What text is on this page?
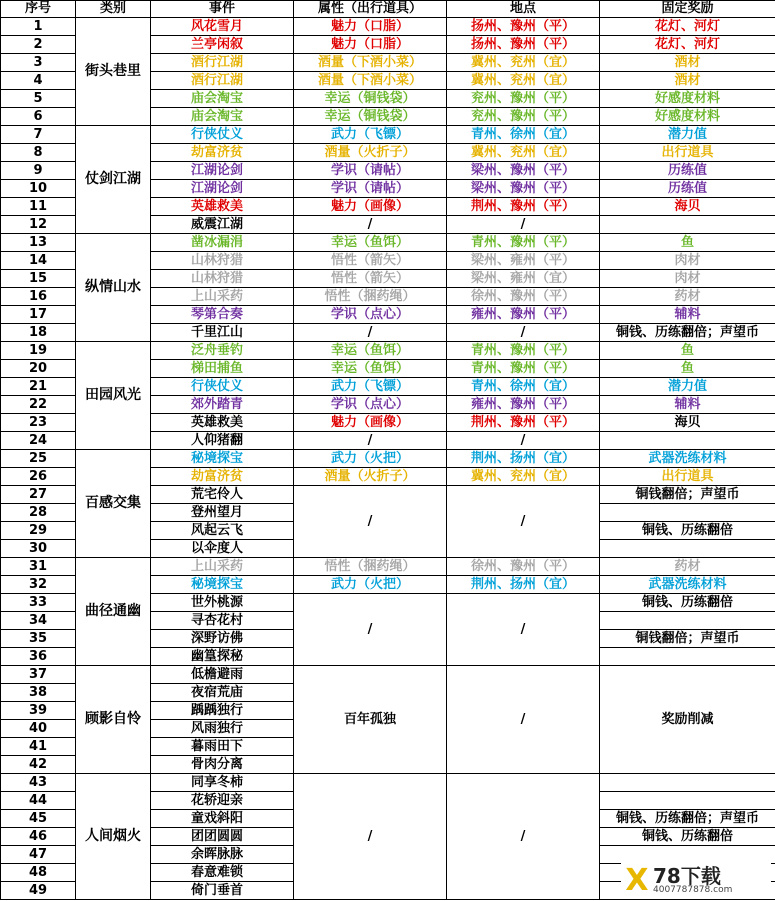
序号	类别	事件	属性（出行道具）	地点	固定奖励
1	街头巷里	风花雪月	魅力（口脂）	扬州、豫州（平）	花灯、河灯
2		兰亭闲叙	魅力（口脂）	扬州、豫州（平）	花灯、河灯
3		酒行江湖	酒量（下酒小菜）	冀州、兖州（宜）	酒材
4		酒行江湖	酒量（下酒小菜）	冀州、兖州（宜）	酒材
5		庙会淘宝	幸运（铜钱袋）	兖州、豫州（平）	好感度材料
6		庙会淘宝	幸运（铜钱袋）	兖州、豫州（平）	好感度材料
7	仗剑江湖	行侠仗义	武力（飞镖）	青州、徐州（宜）	潜力值
8		劫富济贫	酒量（火折子）	冀州、兖州（宜）	出行道具
9		江湖论剑	学识（请帖）	梁州、豫州（平）	历练值
10		江湖论剑	学识（请帖）	梁州、豫州（平）	历练值
11		英雄救美	魅力（画像）	荆州、豫州（平）	海贝
12		威震江湖	/	/	
13	纵情山水	凿冰漏涓	幸运（鱼饵）	青州、豫州（平）	鱼
14		山林狩猎	悟性（箭矢）	梁州、雍州（平）	肉材
15		山林狩猎	悟性（箭矢）	梁州、雍州（宜）	肉材
16		上山采药	悟性（捆药绳）	徐州、豫州（平）	药材
17		琴第合奏	学识（点心）	雍州、豫州（平）	辅料
18		千里江山	/	/	铜钱、历练翻倍；声望币
19	田园风光	泛舟垂钓	幸运（鱼饵）	青州、豫州（平）	鱼
20		梯田捕鱼	幸运（鱼饵）	青州、豫州（平）	鱼
21		行侠仗义	武力（飞镖）	青州、徐州（宜）	潜力值
22		郊外踏青	学识（点心）	雍州、豫州（平）	辅料
23		英雄救美	魅力（画像）	荆州、豫州（平）	海贝
24		人仰猪翻	/	/	
25	百感交集	秘境探宝	武力（火把）	荆州、扬州（宜）	武器洗练材料
26		劫富济贫	酒量（火折子）	冀州、兖州（宜）	出行道具
27		荒宅伶人	/	/	铜钱翻倍；声望币
28		登州望月			
29		风起云飞			铜钱、历练翻倍
30		以伞度人			
31	曲径通幽	上山采药	悟性（捆药绳）	徐州、豫州（平）	药材
32		秘境探宝	武力（火把）	荆州、扬州（宜）	武器洗练材料
33		世外桃源	/	/	铜钱、历练翻倍
34		寻杏花村			
35		深野访佛			铜钱翻倍；声望币
36		幽篁探秘			
37	顾影自怜	低檐避雨	百年孤独	/	奖励削减
38		夜宿荒庙			
39		踽踽独行			
40		风雨独行			
41		暮雨田下			
42		骨肉分离			
43	人间烟火	同享冬柿	/	/	
44		花轿迎亲			
45		童戏斜阳			铜钱、历练翻倍；声望币
46		团团圆圆			铜钱、历练翻倍
47		余晖脉脉			
48		春意难锁			
49		倚门垂首				X 78下载
4007787878.com
